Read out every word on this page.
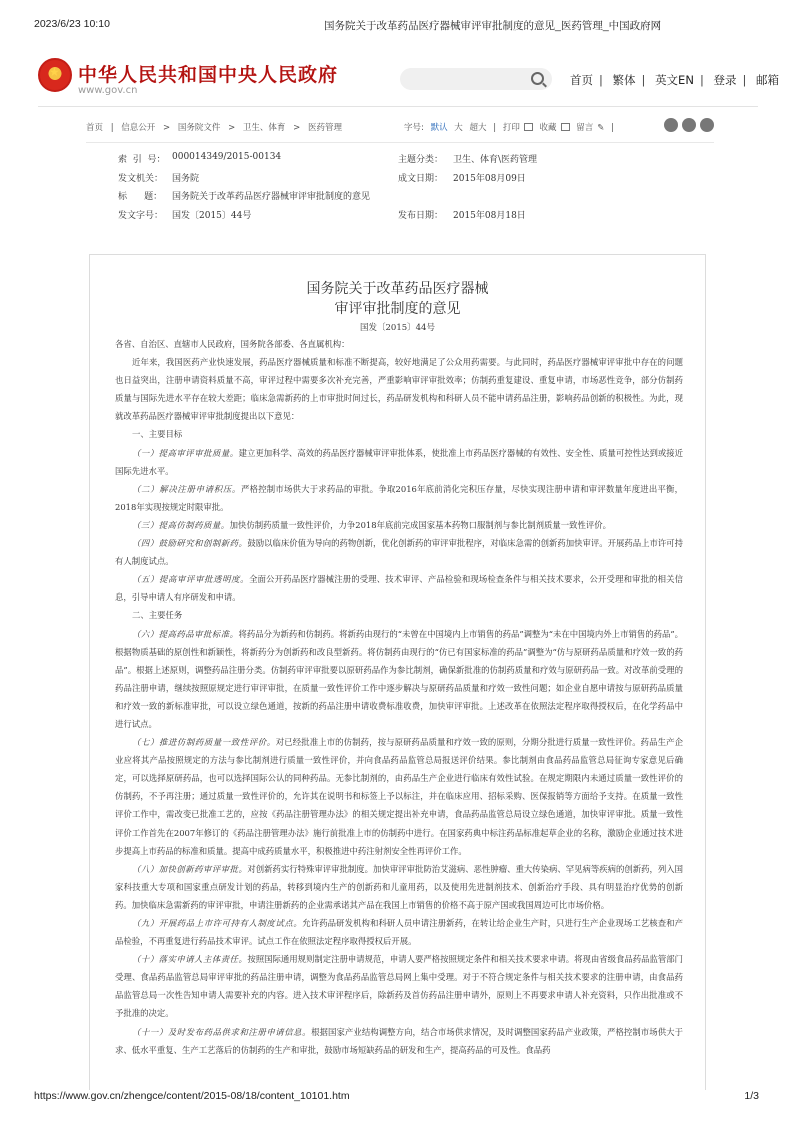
2023/6/23 10:10	国务院关于改革药品医疗器械审评审批制度的意见_医药管理_中国政府网
★
中华人民共和国中央人民政府
www.gov.cn
首页 | 繁体 | 英文EN | 登录 | 邮箱
首页 | 信息公开 > 国务院文件 > 卫生、体育 > 医药管理	字号: 默认 大 超大 | 打印 收藏 留言 ✎ |
索  引  号： 000014349/2015-00134	主题分类： 卫生、体育\医药管理
发文机关： 国务院	成文日期： 2015年08月09日
标      题： 国务院关于改革药品医疗器械审评审批制度的意见
发文字号： 国发〔2015〕44号	发布日期： 2015年08月18日
国务院关于改革药品医疗器械
审评审批制度的意见
国发〔2015〕44号

各省、自治区、直辖市人民政府，国务院各部委、各直属机构：

近年来，我国医药产业快速发展，药品医疗器械质量和标准不断提高，较好地满足了公众用药需要。与此同时，药品医疗器械审评审批中存在的问题也日益突出，注册申请资料质量不高，审评过程中需要多次补充完善，严重影响审评审批效率；仿制药重复建设、重复申请，市场恶性竞争，部分仿制药质量与国际先进水平存在较大差距；临床急需新药的上市审批时间过长，药品研发机构和科研人员不能申请药品注册，影响药品创新的积极性。为此，现就改革药品医疗器械审评审批制度提出以下意见：

一、主要目标

（一）提高审评审批质量。建立更加科学、高效的药品医疗器械审评审批体系，使批准上市药品医疗器械的有效性、安全性、质量可控性达到或接近国际先进水平。

（二）解决注册申请积压。严格控制市场供大于求药品的审批。争取2016年底前消化完积压存量，尽快实现注册申请和审评数量年度进出平衡，2018年实现按规定时限审批。

（三）提高仿制药质量。加快仿制药质量一致性评价，力争2018年底前完成国家基本药物口服制剂与参比制剂质量一致性评价。

（四）鼓励研究和创制新药。鼓励以临床价值为导向的药物创新，优化创新药的审评审批程序，对临床急需的创新药加快审评。开展药品上市许可持有人制度试点。

（五）提高审评审批透明度。全面公开药品医疗器械注册的受理、技术审评、产品检验和现场检查条件与相关技术要求，公开受理和审批的相关信息，引导申请人有序研发和申请。

二、主要任务

（六）提高药品审批标准。将药品分为新药和仿制药。将新药由现行的“未曾在中国境内上市销售的药品”调整为“未在中国境内外上市销售的药品”。根据物质基础的原创性和新颖性，将新药分为创新药和改良型新药。将仿制药由现行的“仿已有国家标准的药品”调整为“仿与原研药品质量和疗效一致的药品”。根据上述原则，调整药品注册分类。仿制药审评审批要以原研药品作为参比制剂，确保新批准的仿制药质量和疗效与原研药品一致。对改革前受理的药品注册申请，继续按照原规定进行审评审批，在质量一致性评价工作中逐步解决与原研药品质量和疗效一致性问题；如企业自愿申请按与原研药品质量和疗效一致的新标准审批，可以设立绿色通道，按新的药品注册申请收费标准收费，加快审评审批。上述改革在依照法定程序取得授权后，在化学药品中进行试点。

（七）推进仿制药质量一致性评价。对已经批准上市的仿制药，按与原研药品质量和疗效一致的原则，分期分批进行质量一致性评价。药品生产企业应将其产品按照规定的方法与参比制剂进行质量一致性评价，并向食品药品监管总局报送评价结果。参比制剂由食品药品监管总局征询专家意见后确定，可以选择原研药品，也可以选择国际公认的同种药品。无参比制剂的，由药品生产企业进行临床有效性试验。在规定期限内未通过质量一致性评价的仿制药，不予再注册；通过质量一致性评价的，允许其在说明书和标签上予以标注，并在临床应用、招标采购、医保报销等方面给予支持。在质量一致性评价工作中，需改变已批准工艺的，应按《药品注册管理办法》的相关规定提出补充申请，食品药品监管总局设立绿色通道，加快审评审批。质量一致性评价工作首先在2007年修订的《药品注册管理办法》施行前批准上市的仿制药中进行。在国家药典中标注药品标准起草企业的名称，激励企业通过技术进步提高上市药品的标准和质量。提高中成药质量水平，积极推进中药注射剂安全性再评价工作。

（八）加快创新药审评审批。对创新药实行特殊审评审批制度。加快审评审批防治艾滋病、恶性肿瘤、重大传染病、罕见病等疾病的创新药，列入国家科技重大专项和国家重点研发计划的药品，转移到境内生产的创新药和儿童用药，以及使用先进制剂技术、创新治疗手段、具有明显治疗优势的创新药。加快临床急需新药的审评审批，申请注册新药的企业需承诺其产品在我国上市销售的价格不高于原产国或我国周边可比市场价格。

（九）开展药品上市许可持有人制度试点。允许药品研发机构和科研人员申请注册新药，在转让给企业生产时，只进行生产企业现场工艺核查和产品检验，不再重复进行药品技术审评。试点工作在依照法定程序取得授权后开展。

（十）落实申请人主体责任。按照国际通用规则制定注册申请规范，申请人要严格按照规定条件和相关技术要求申请。将现由省级食品药品监管部门受理、食品药品监管总局审评审批的药品注册申请，调整为食品药品监管总局网上集中受理。对于不符合规定条件与相关技术要求的注册申请，由食品药品监管总局一次性告知申请人需要补充的内容。进入技术审评程序后，除新药及首仿药品注册申请外，原则上不再要求申请人补充资料，只作出批准或不予批准的决定。

（十一）及时发布药品供求和注册申请信息。根据国家产业结构调整方向，结合市场供求情况，及时调整国家药品产业政策，严格控制市场供大于求、低水平重复、生产工艺落后的仿制药的生产和审批，鼓励市场短缺药品的研发和生产，提高药品的可及性。食品药

https://www.gov.cn/zhengce/content/2015-08/18/content_10101.htm	1/3
